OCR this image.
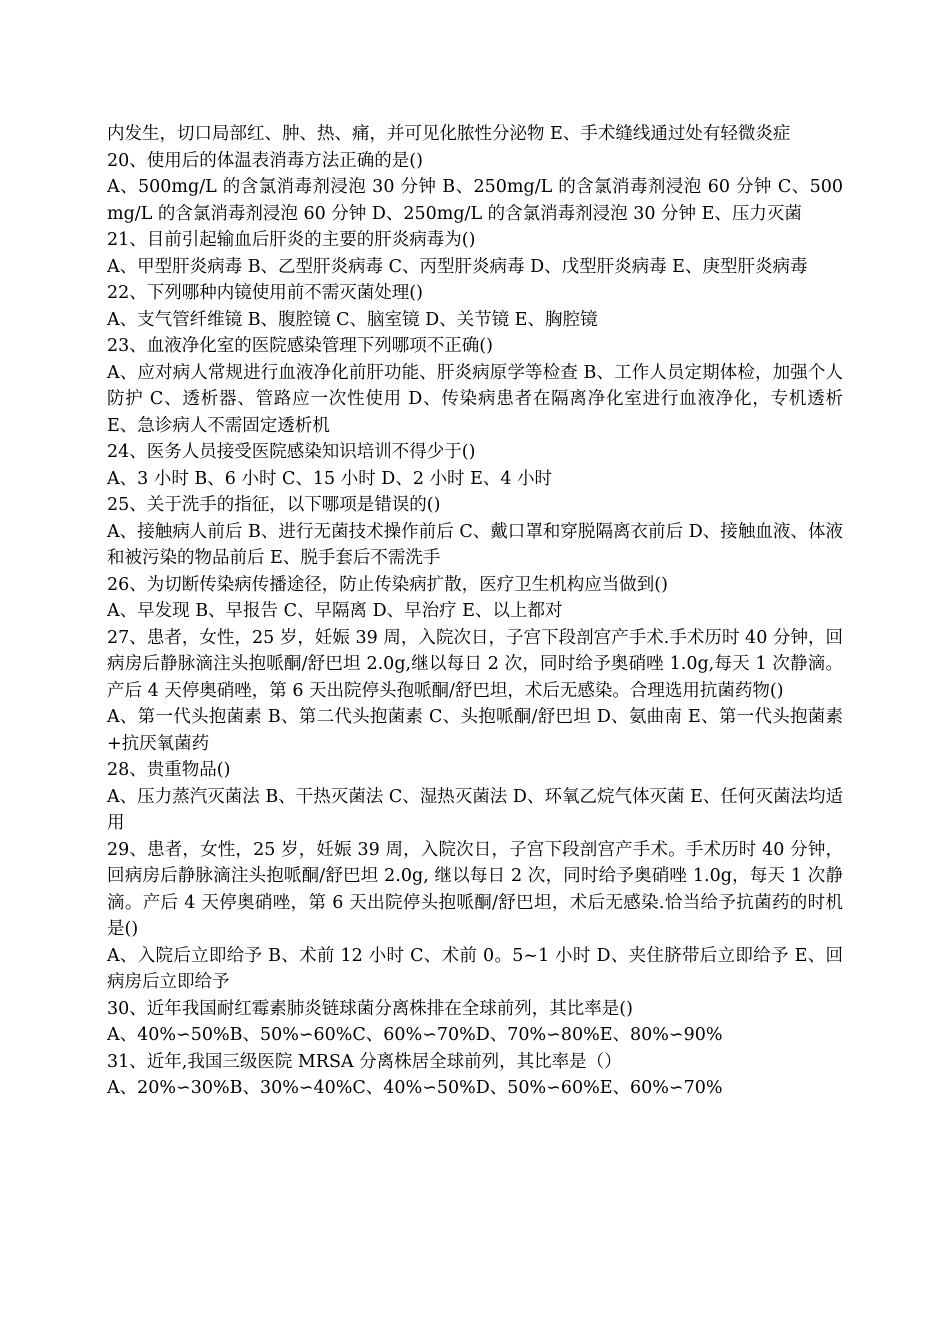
内发生，切口局部红、肿、热、痛，并可见化脓性分泌物 E、手术缝线通过处有轻微炎症

20、使用后的体温表消毒方法正确的是()

A、500mg/L 的含氯消毒剂浸泡 30 分钟 B、250mg/L 的含氯消毒剂浸泡 60 分钟 C、500mg/L 的含氯消毒剂浸泡 60 分钟 D、250mg/L 的含氯消毒剂浸泡 30 分钟 E、压力灭菌

21、目前引起输血后肝炎的主要的肝炎病毒为()

A、甲型肝炎病毒 B、乙型肝炎病毒 C、丙型肝炎病毒 D、戊型肝炎病毒 E、庚型肝炎病毒

22、下列哪种内镜使用前不需灭菌处理()

A、支气管纤维镜 B、腹腔镜 C、脑室镜 D、关节镜 E、胸腔镜

23、血液净化室的医院感染管理下列哪项不正确()

A、应对病人常规进行血液净化前肝功能、肝炎病原学等检查 B、工作人员定期体检，加强个人防护 C、透析器、管路应一次性使用 D、传染病患者在隔离净化室进行血液净化，专机透析 E、急诊病人不需固定透析机

24、医务人员接受医院感染知识培训不得少于()

A、3 小时 B、6 小时 C、15 小时 D、2 小时 E、4 小时

25、关于洗手的指征，以下哪项是错误的()

A、接触病人前后 B、进行无菌技术操作前后 C、戴口罩和穿脱隔离衣前后 D、接触血液、体液和被污染的物品前后 E、脱手套后不需洗手

26、为切断传染病传播途径，防止传染病扩散，医疗卫生机构应当做到()

A、早发现 B、早报告 C、早隔离 D、早治疗 E、以上都对

27、患者，女性，25 岁，妊娠 39 周，入院次日，子宫下段剖宫产手术.手术历时 40 分钟，回病房后静脉滴注头抱哌酮/舒巴坦 2.0g,继以每日 2 次，同时给予奥硝唑 1.0g,每天 1 次静滴。产后 4 天停奥硝唑，第 6 天出院停头孢哌酮/舒巴坦，术后无感染。合理选用抗菌药物()

A、第一代头抱菌素 B、第二代头抱菌素 C、头抱哌酮/舒巴坦 D、氨曲南 E、第一代头抱菌素+抗厌氧菌药

28、贵重物品()

A、压力蒸汽灭菌法 B、干热灭菌法 C、湿热灭菌法 D、环氧乙烷气体灭菌 E、任何灭菌法均适用

29、患者，女性，25 岁，妊娠 39 周，入院次日，子宫下段剖宫产手术。手术历时 40 分钟，回病房后静脉滴注头抱哌酮/舒巴坦 2.0g, 继以每日 2 次，同时给予奥硝唑 1.0g，每天 1 次静滴。产后 4 天停奥硝唑，第 6 天出院停头抱哌酮/舒巴坦，术后无感染.恰当给予抗菌药的时机是()

A、入院后立即给予 B、术前 12 小时 C、术前 0。5~1 小时 D、夹住脐带后立即给予 E、回病房后立即给予

30、近年我国耐红霉素肺炎链球菌分离株排在全球前列，其比率是()

A、40%∽50%B、50%∽60%C、60%∽70%D、70%∽80%E、80%∽90%

31、近年,我国三级医院 MRSA 分离株居全球前列，其比率是（）

A、20%∽30%B、30%∽40%C、40%∽50%D、50%∽60%E、60%∽70%
